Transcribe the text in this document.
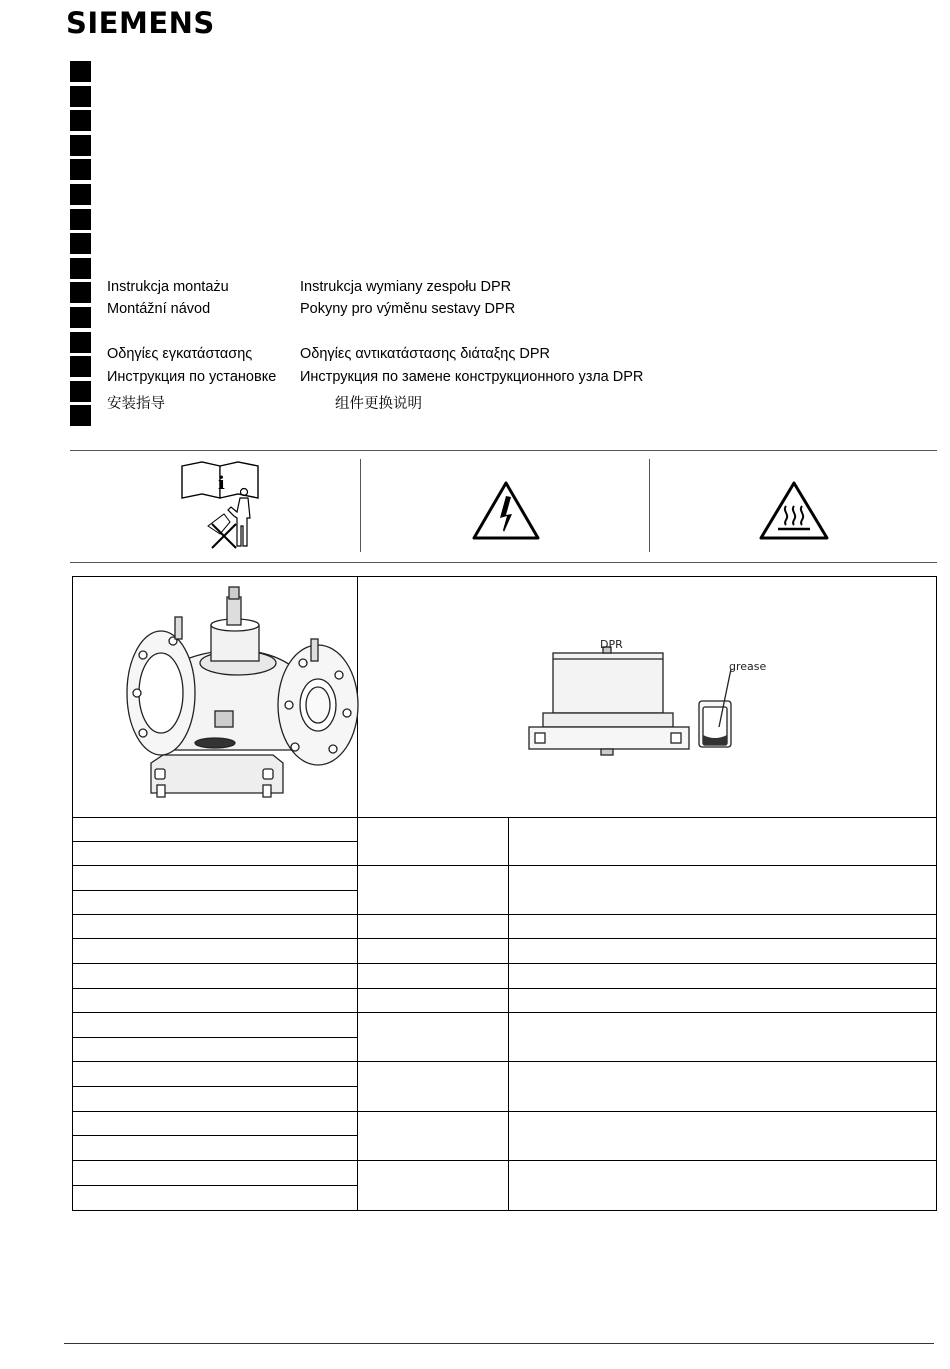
SIEMENS
Instrukcja montażu	Instrukcja wymiany zespołu DPR
Montážní návod	Pokyny pro výměnu sestavy DPR
Οδηγίες εγκατάστασης	Οδηγίες αντικατάστασης διάταξης DPR
Инструкция по установке Инструкция по замене конструкционного узла DPR
安装指导	组件更换说明
i
DPR
grease
